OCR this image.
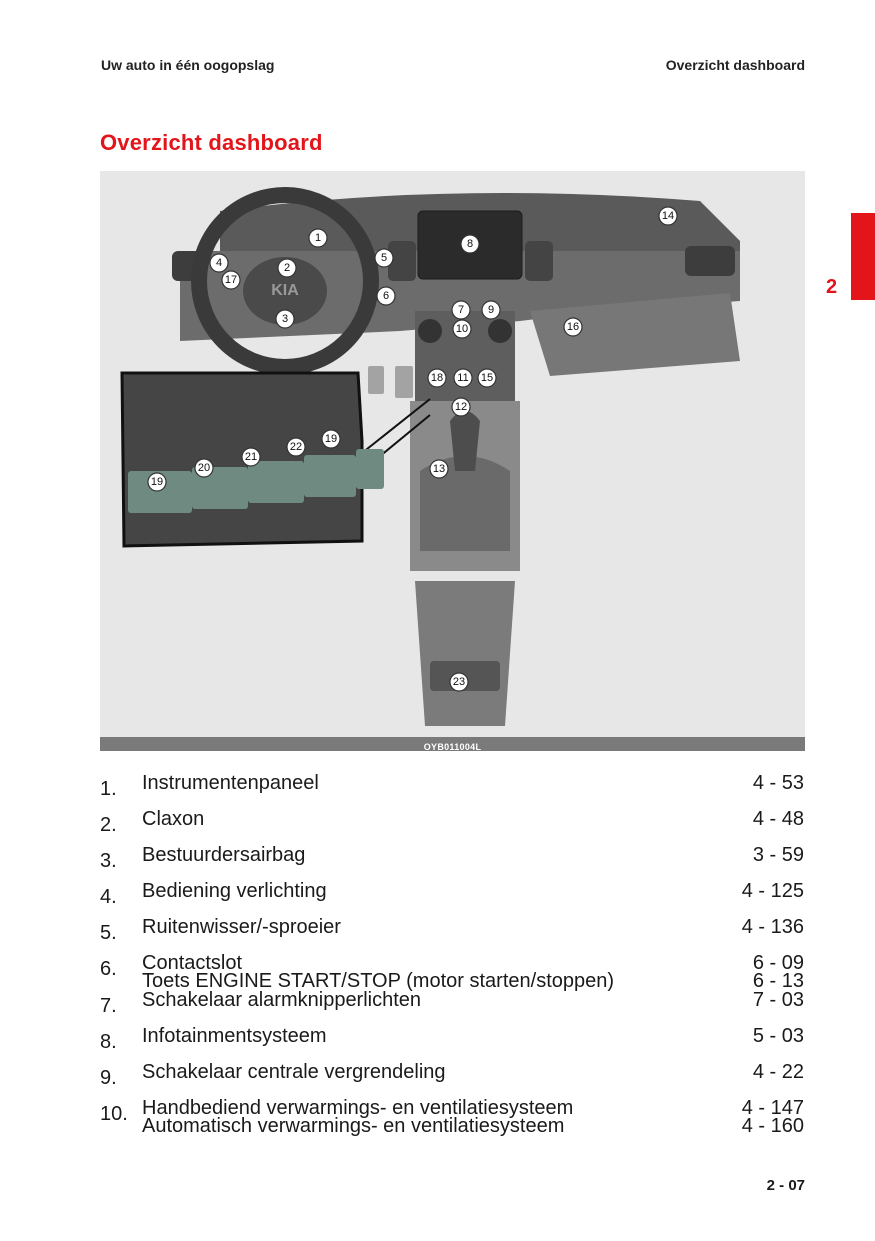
Uw auto in één oogopslag	Overzicht dashboard
Overzicht dashboard
2
KIA
1
2
3
4	5
6
7
8
9
10
11
12
13
14
15
16
17
18
19
20
21
22
19
23
OYB011004L
1. Instrumentenpaneel	4 - 53
2. Claxon	4 - 48
3. Bestuurdersairbag	3 - 59
4. Bediening verlichting	4 - 125
5. Ruitenwisser/-sproeier	4 - 136
6. Contactslot	6 - 09
Toets ENGINE START/STOP (motor starten/stoppen)	6 - 13
7. Schakelaar alarmknipperlichten	7 - 03
8. Infotainmentsysteem	5 - 03
9. Schakelaar centrale vergrendeling	4 - 22
10. Handbediend verwarmings- en ventilatiesysteem	4 - 147
Automatisch verwarmings- en ventilatiesysteem	4 - 160
2 - 07
